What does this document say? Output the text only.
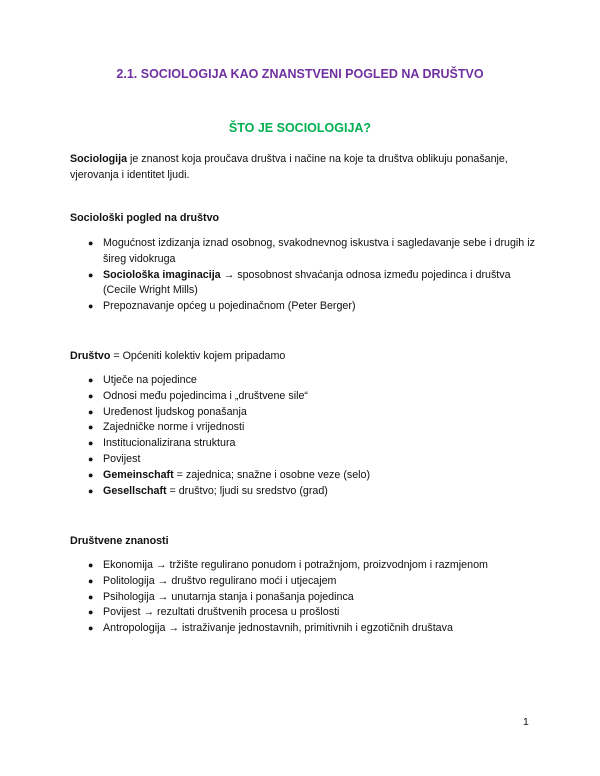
2.1. SOCIOLOGIJA KAO ZNANSTVENI POGLED NA DRUŠTVO
ŠTO JE SOCIOLOGIJA?
Sociologija je znanost koja proučava društva i načine na koje ta društva oblikuju ponašanje, vjerovanja i identitet ljudi.
Sociološki pogled na društvo
● Mogućnost izdizanja iznad osobnog, svakodnevnog iskustva i sagledavanje sebe i drugih iz šireg vidokruga
● Sociološka imaginacija → sposobnost shvaćanja odnosa između pojedinca i društva (Cecile Wright Mills)
● Prepoznavanje općeg u pojedinačnom (Peter Berger)
Društvo = Općeniti kolektiv kojem pripadamo
● Utječe na pojedince
● Odnosi među pojedincima i „društvene sile“
● Uređenost ljudskog ponašanja
● Zajedničke norme i vrijednosti
● Institucionalizirana struktura
● Povijest
● Gemeinschaft = zajednica; snažne i osobne veze (selo)
● Gesellschaft = društvo; ljudi su sredstvo (grad)
Društvene znanosti
● Ekonomija → tržište regulirano ponudom i potražnjom, proizvodnjom i razmjenom
● Politologija → društvo regulirano moći i utjecajem
● Psihologija → unutarnja stanja i ponašanja pojedinca
● Povijest → rezultati društvenih procesa u prošlosti
● Antropologija → istraživanje jednostavnih, primitivnih i egzotičnih društava
1
